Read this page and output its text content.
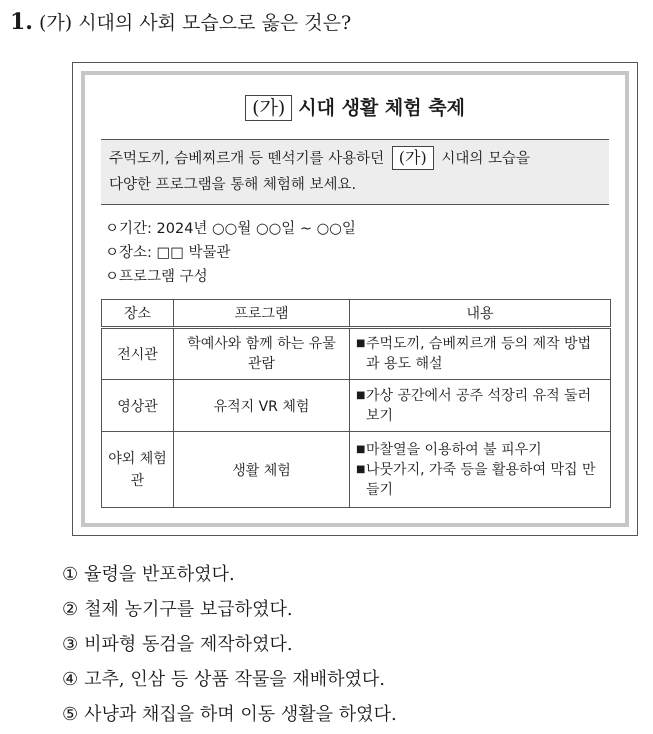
1. (가) 시대의 사회 모습으로 옳은 것은?
(가) 시대 생활 체험 축제
주먹도끼, 슴베찌르개 등 뗀석기를 사용하던 (가) 시대의 모습을
다양한 프로그램을 통해 체험해 보세요.
ㅇ기간: 2024년 ○○월 ○○일 ~ ○○일
ㅇ장소: □□ 박물관
ㅇ프로그램 구성
장소	프로그램	내용
전시관	학예사와 함께 하는 유물 관람	■ 주먹도끼, 슴베찌르개 등의 제작 방법과 용도 해설

영상관	유적지 VR 체험	■ 가상 공간에서 공주 석장리 유적 둘러보기

야외 체험관	생활 체험	■ 마찰열을 이용하여 불 피우기
■ 나뭇가지, 가죽 등을 활용하여 막집 만들기
① 율령을 반포하였다.
② 철제 농기구를 보급하였다.
③ 비파형 동검을 제작하였다.
④ 고추, 인삼 등 상품 작물을 재배하였다.
⑤ 사냥과 채집을 하며 이동 생활을 하였다.
